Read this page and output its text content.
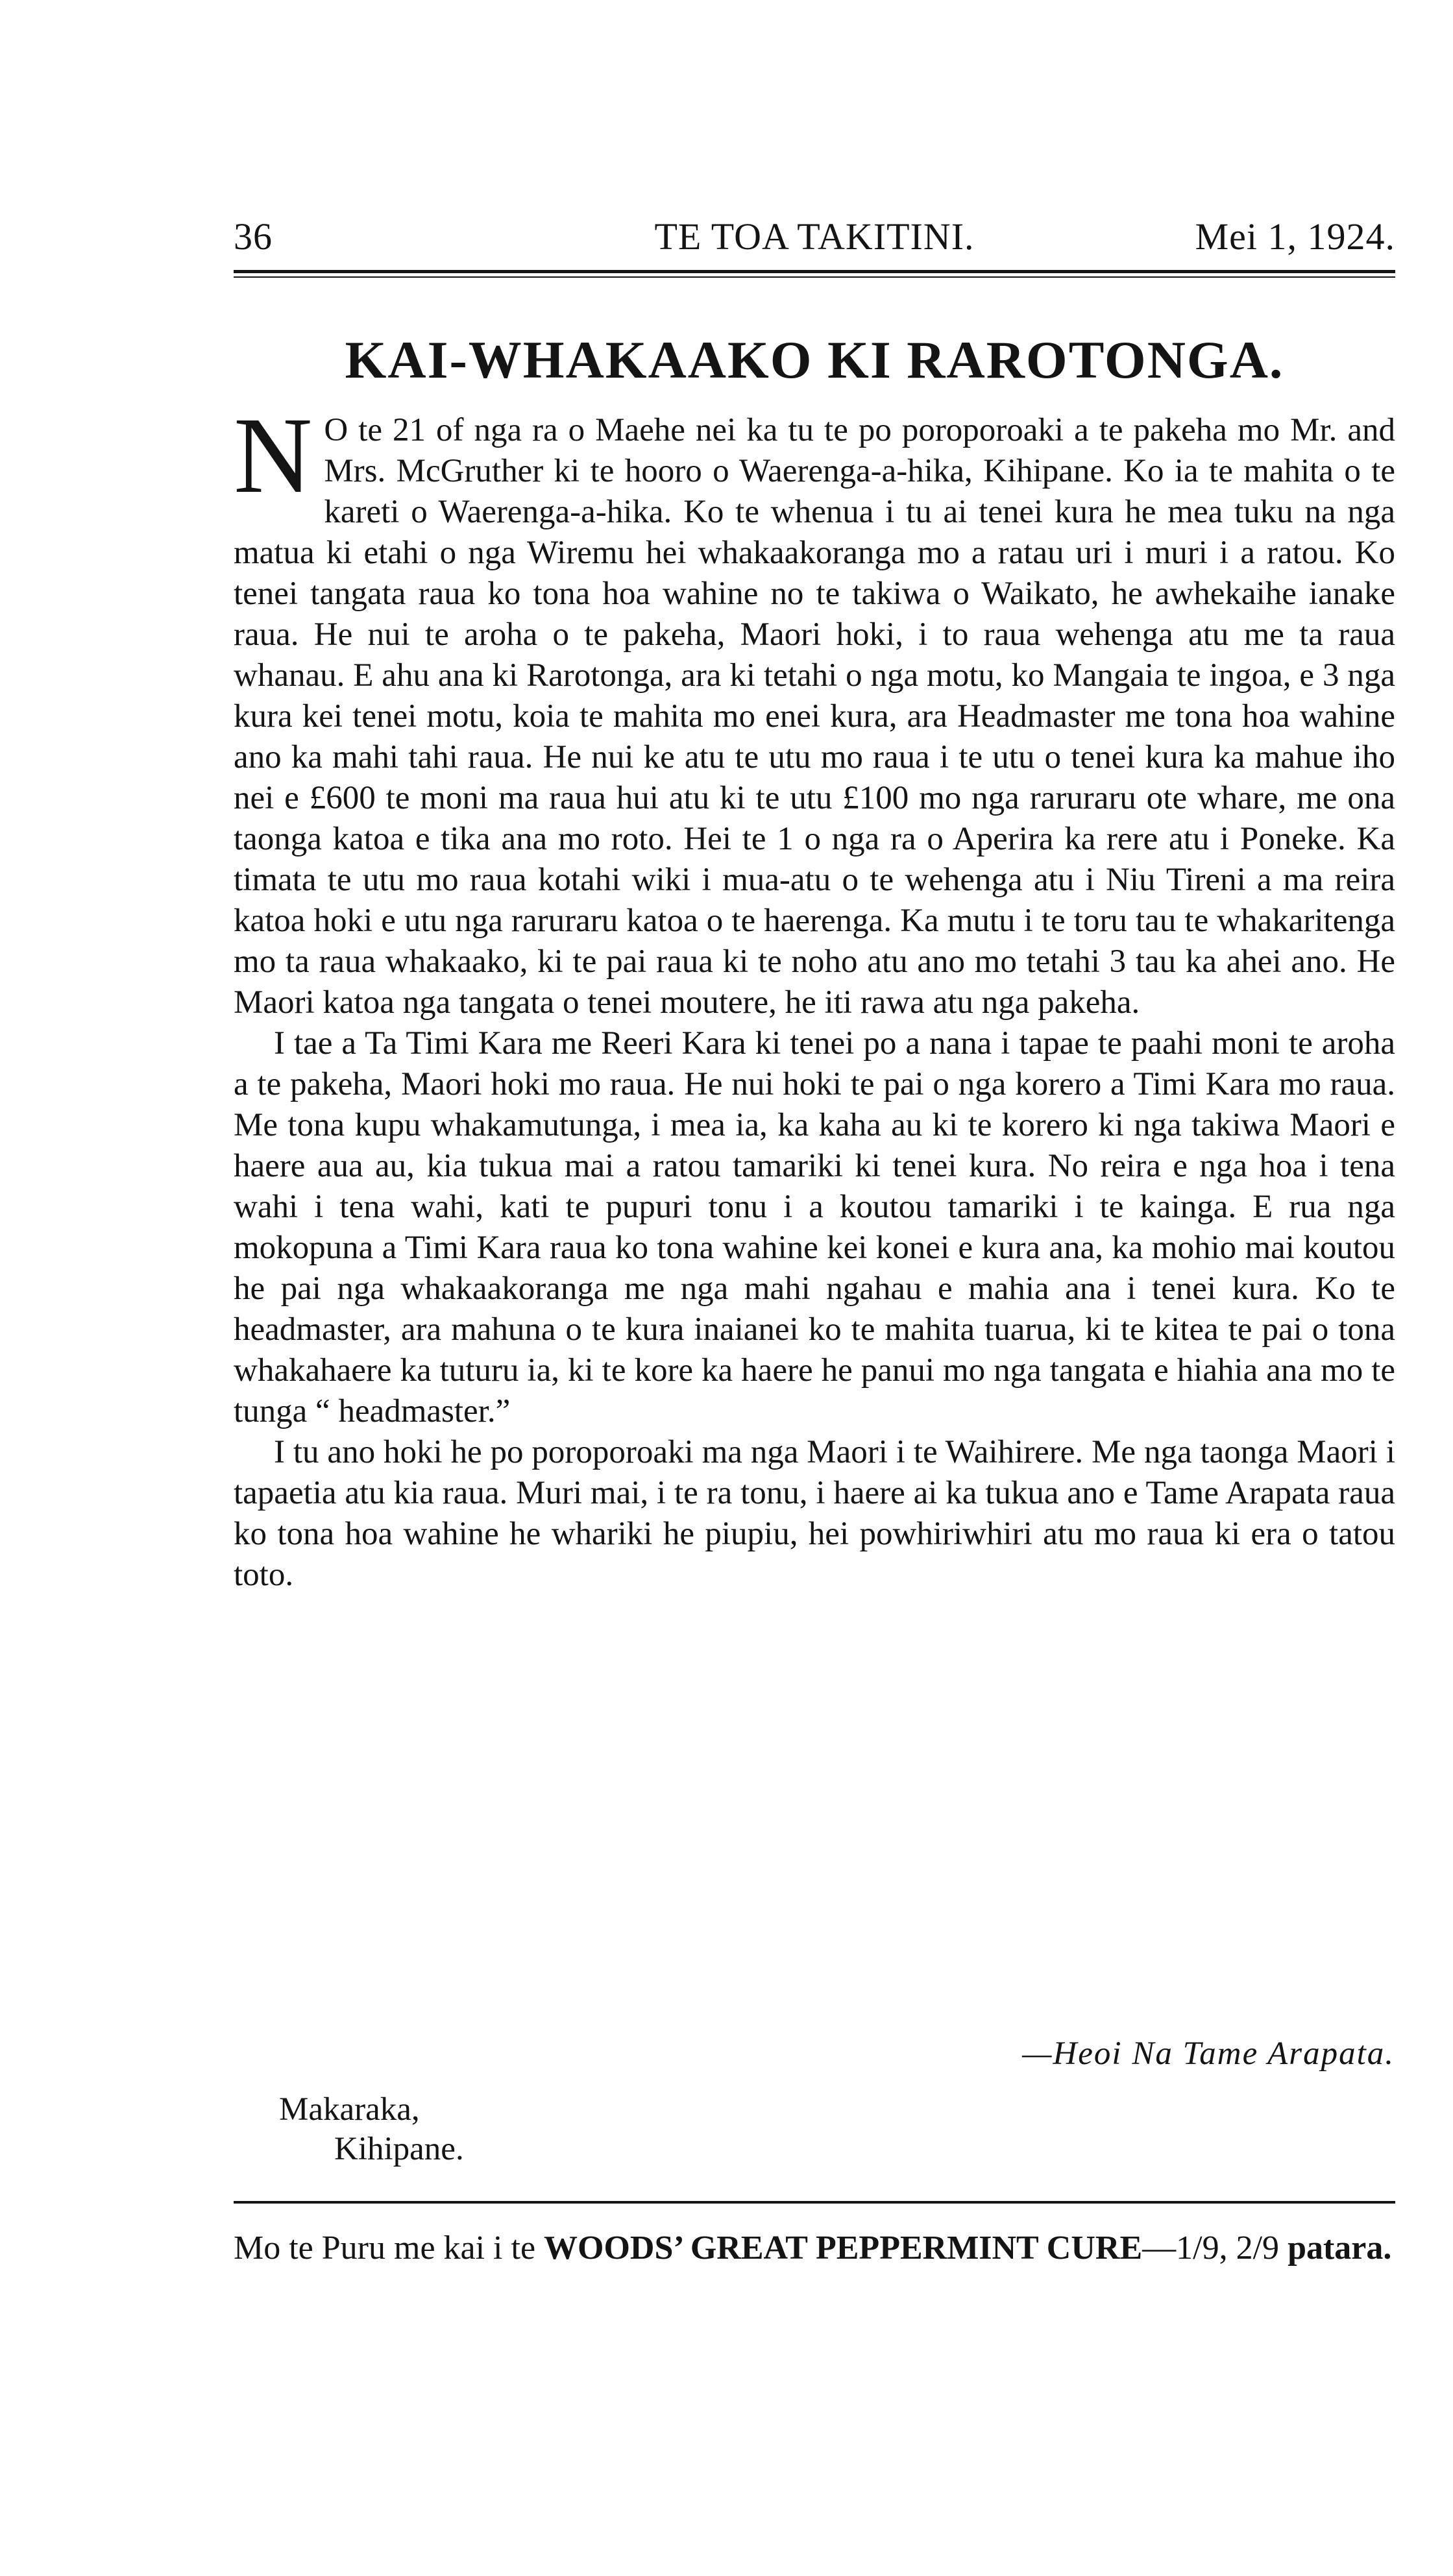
36	TE TOA TAKITINI.	Mei 1, 1924.
KAI-WHAKAAKO KI RAROTONGA.

N O te 21 of nga ra o Maehe nei ka tu te po poroporoaki a te pakeha mo Mr. and Mrs. McGruther ki te hooro o Waerenga-a-hika, Kihipane. Ko ia te mahita o te kareti o Waerenga-a-hika. Ko te whenua i tu ai tenei kura he mea tuku na nga matua ki etahi o nga Wiremu hei whakaakoranga mo a ratau uri i muri i a ratou. Ko tenei tangata raua ko tona hoa wahine no te takiwa o Waikato, he awhekaihe ianake raua. He nui te aroha o te pakeha, Maori hoki, i to raua wehenga atu me ta raua whanau. E ahu ana ki Rarotonga, ara ki tetahi o nga motu, ko Mangaia te ingoa, e 3 nga kura kei tenei motu, koia te mahita mo enei kura, ara Headmaster me tona hoa wahine ano ka mahi tahi raua. He nui ke atu te utu mo raua i te utu o tenei kura ka mahue iho nei e £600 te moni ma raua hui atu ki te utu £100 mo nga raruraru ote whare, me ona taonga katoa e tika ana mo roto. Hei te 1 o nga ra o Aperira ka rere atu i Poneke. Ka timata te utu mo raua kotahi wiki i mua-atu o te wehenga atu i Niu Tireni a ma reira katoa hoki e utu nga raruraru katoa o te haerenga. Ka mutu i te toru tau te whakaritenga mo ta raua whakaako, ki te pai raua ki te noho atu ano mo tetahi 3 tau ka ahei ano. He Maori katoa nga tangata o tenei moutere, he iti rawa atu nga pakeha.

I tae a Ta Timi Kara me Reeri Kara ki tenei po a nana i tapae te paahi moni te aroha a te pakeha, Maori hoki mo raua. He nui hoki te pai o nga korero a Timi Kara mo raua. Me tona kupu whakamutunga, i mea ia, ka kaha au ki te korero ki nga takiwa Maori e haere aua au, kia tukua mai a ratou tamariki ki tenei kura. No reira e nga hoa i tena wahi i tena wahi, kati te pupuri tonu i a koutou tamariki i te kainga. E rua nga mokopuna a Timi Kara raua ko tona wahine kei konei e kura ana, ka mohio mai koutou he pai nga whakaakoranga me nga mahi ngahau e mahia ana i tenei kura. Ko te headmaster, ara mahuna o te kura inaianei ko te mahita tuarua, ki te kitea te pai o tona whakahaere ka tuturu ia, ki te kore ka haere he panui mo nga tangata e hiahia ana mo te tunga “ headmaster.”

I tu ano hoki he po poroporoaki ma nga Maori i te Waihirere. Me nga taonga Maori i tapaetia atu kia raua. Muri mai, i te ra tonu, i haere ai ka tukua ano e Tame Arapata raua ko tona hoa wahine he whariki he piupiu, hei powhiriwhiri atu mo raua ki era o tatou toto.

—Heoi Na Tame Arapata.
Makaraka,
Kihipane.
Mo te Puru me kai i te WOODS’ GREAT PEPPERMINT CURE—1/9, 2/9 patara.
